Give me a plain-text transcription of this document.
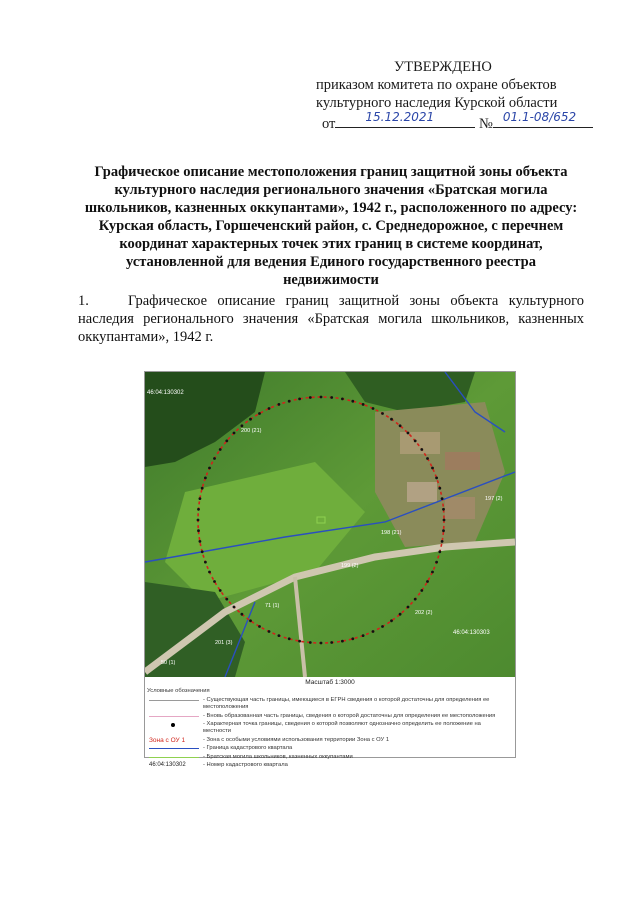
УТВЕРЖДЕНО
приказом комитета по охране объектов
культурного наследия Курской области
от	15.12.2021	№ 01.1-08/652
Графическое описание местоположения границ защитной зоны объекта культурного наследия регионального значения «Братская могила школьников, казненных оккупантами», 1942 г., расположенного по адресу: Курская область, Горшеченский район, с. Среднедорожное, с перечнем координат характерных точек этих границ в системе координат, установленной для ведения Единого государственного реестра недвижимости
1.	Графическое описание границ защитной зоны объекта культурного наследия регионального значения «Братская могила школьников, казненных оккупантами», 1942 г.
46:04:130302
46:04:130303
198 (21)
197 (2)
199 (2)
71 (1)
50 (1)
201 (3)
202 (2)
200 (21)
Масштаб 1:3000
Условные обозначения
- Существующая часть границы, имеющиеся в ЕГРН сведения о которой достаточны для определения ее местоположения
- Вновь образованная часть границы, сведения о которой достаточны для определения ее местоположения
- Характерная точка границы, сведения о которой позволяют однозначно определить ее положение на местности
Зона с ОУ 1	- Зона с особыми условиями использования территории Зона с ОУ 1
- Граница кадастрового квартала
- Братская могила школьников, казненных оккупантами
46:04:130302	- Номер кадастрового квартала
